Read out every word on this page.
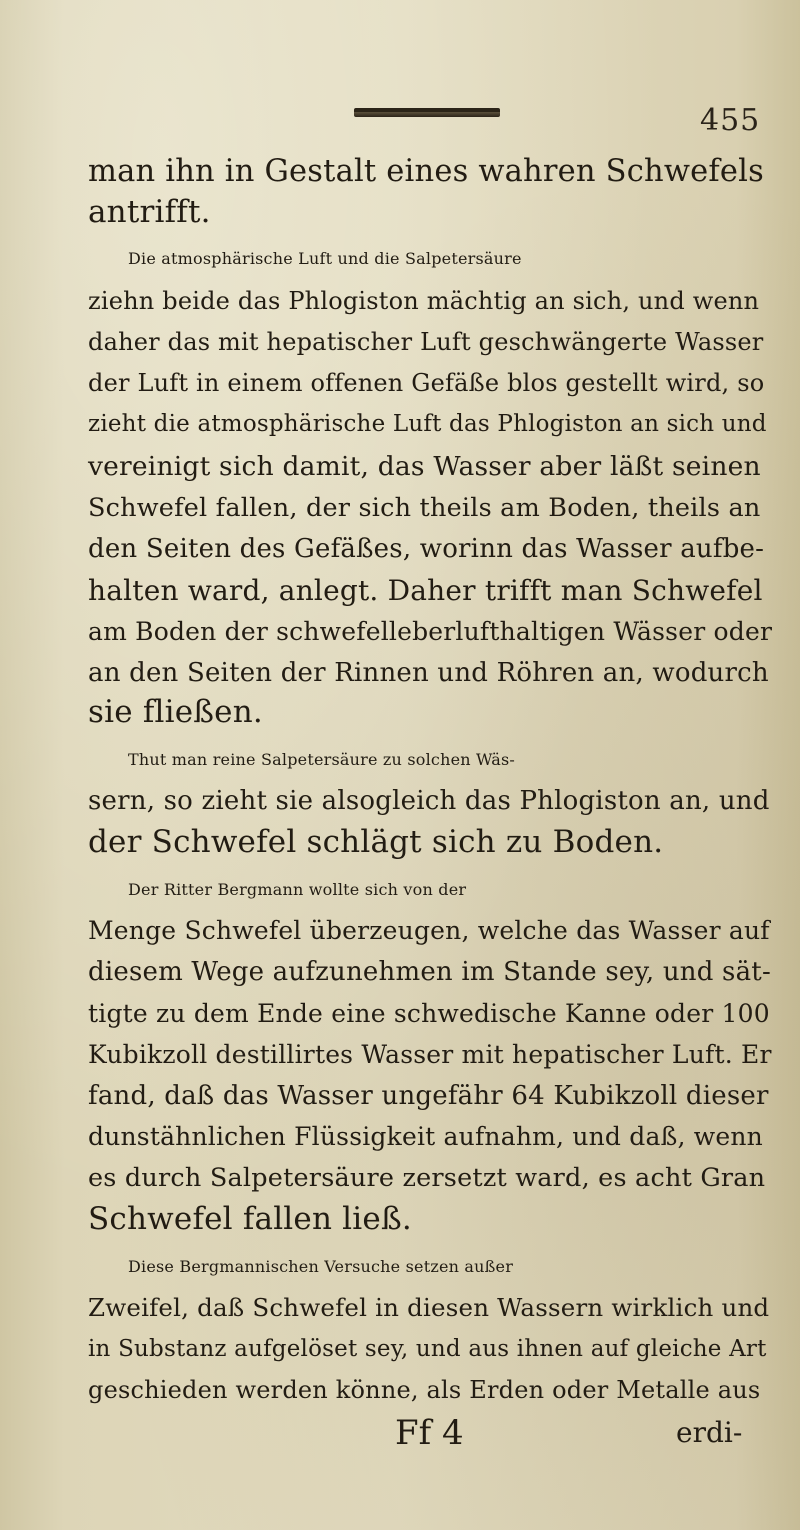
455
man ihn in Gestalt eines wahren Schwefels
antrifft.
Die atmosphärische Luft und die Salpetersäure
ziehn beide das Phlogiston mächtig an sich, und wenn
daher das mit hepatischer Luft geschwängerte Wasser
der Luft in einem offenen Gefäße blos gestellt wird, so
zieht die atmosphärische Luft das Phlogiston an sich und
vereinigt sich damit, das Wasser aber läßt seinen
Schwefel fallen, der sich theils am Boden, theils an
den Seiten des Gefäßes, worinn das Wasser aufbe-
halten ward, anlegt. Daher trifft man Schwefel
am Boden der schwefelleberlufthaltigen Wässer oder
an den Seiten der Rinnen und Röhren an, wodurch
sie fließen.
Thut man reine Salpetersäure zu solchen Wäs-
sern, so zieht sie alsogleich das Phlogiston an, und
der Schwefel schlägt sich zu Boden.
Der Ritter Bergmann wollte sich von der
Menge Schwefel überzeugen, welche das Wasser auf
diesem Wege aufzunehmen im Stande sey, und sät-
tigte zu dem Ende eine schwedische Kanne oder 100
Kubikzoll destillirtes Wasser mit hepatischer Luft. Er
fand, daß das Wasser ungefähr 64 Kubikzoll dieser
dunstähnlichen Flüssigkeit aufnahm, und daß, wenn
es durch Salpetersäure zersetzt ward, es acht Gran
Schwefel fallen ließ.
Diese Bergmannischen Versuche setzen außer
Zweifel, daß Schwefel in diesen Wassern wirklich und
in Substanz aufgelöset sey, und aus ihnen auf gleiche Art
geschieden werden könne, als Erden oder Metalle aus
Ff 4	erdi-
